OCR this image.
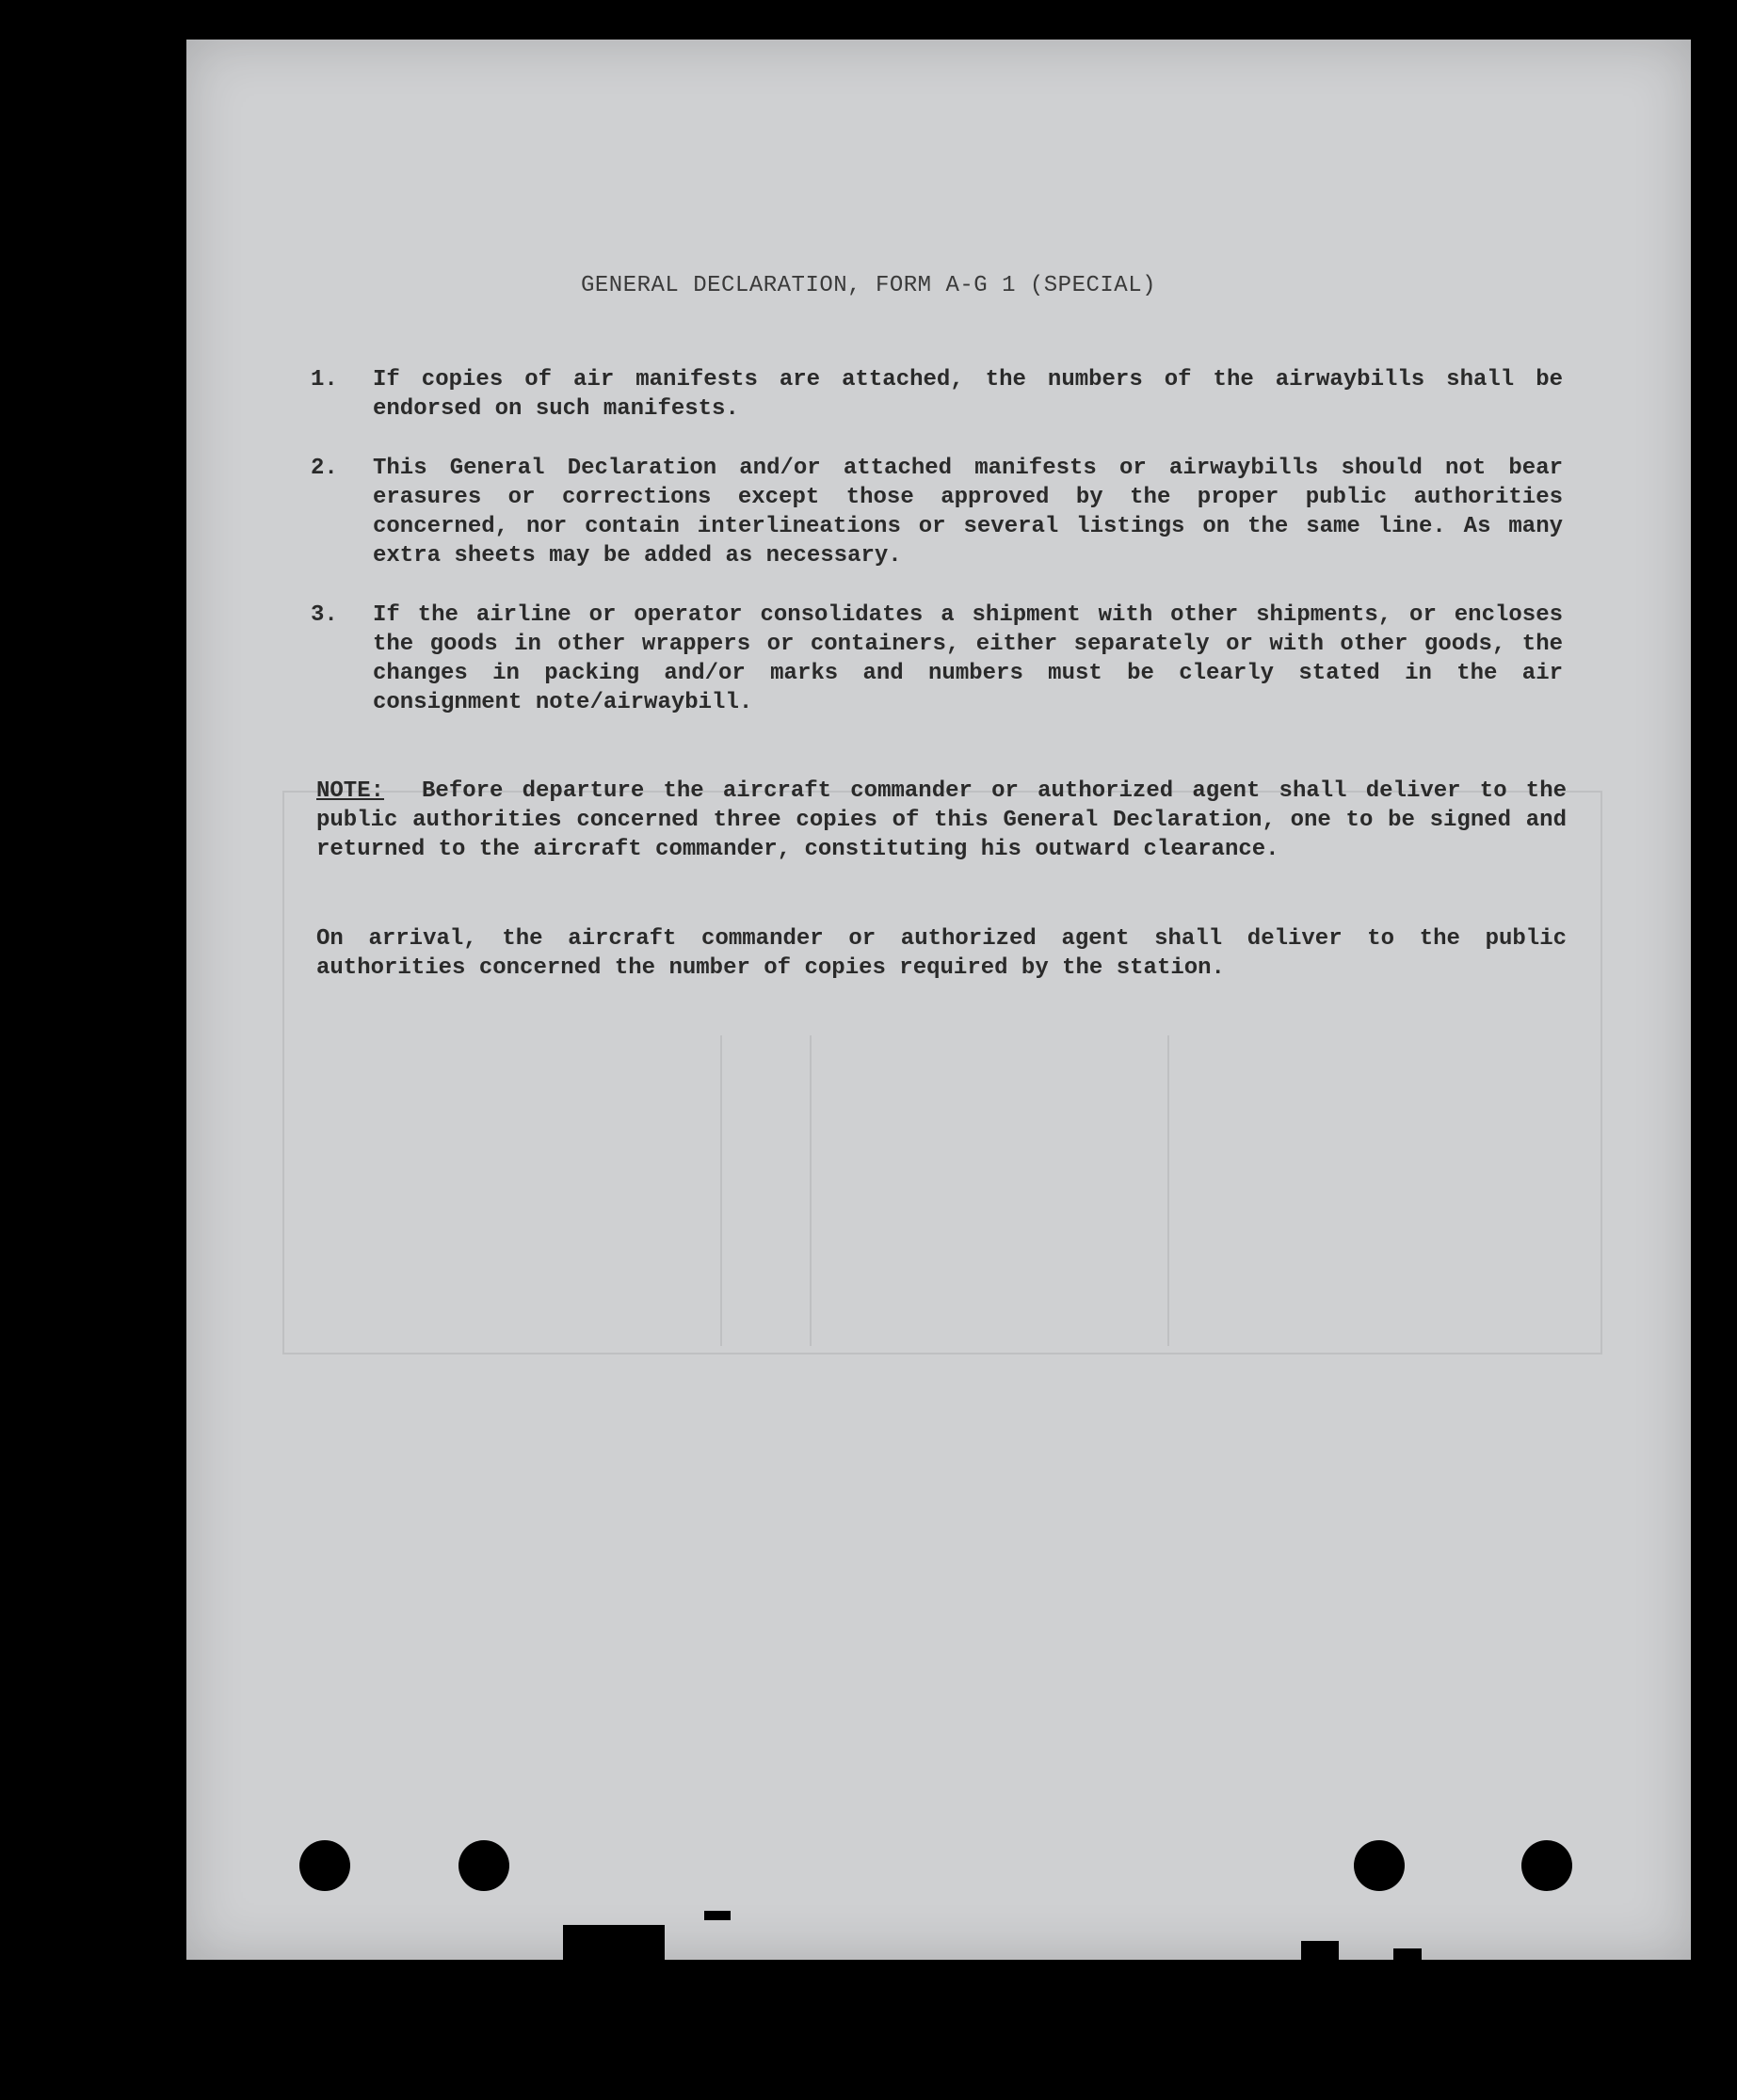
GENERAL DECLARATION, FORM A-G 1 (SPECIAL)
1. If copies of air manifests are attached, the numbers of the airwaybills shall be endorsed on such manifests.
2. This General Declaration and/or attached manifests or airwaybills should not bear erasures or corrections except those approved by the proper public authorities concerned, nor contain interlineations or several listings on the same line. As many extra sheets may be added as necessary.
3. If the airline or operator consolidates a shipment with other shipments, or encloses the goods in other wrappers or containers, either separately or with other goods, the changes in packing and/or marks and numbers must be clearly stated in the air consignment note/airwaybill.
NOTE: Before departure the aircraft commander or authorized agent shall deliver to the public authorities concerned three copies of this General Declaration, one to be signed and returned to the aircraft commander, constituting his outward clearance.
On arrival, the aircraft commander or authorized agent shall deliver to the public authorities concerned the number of copies required by the station.
